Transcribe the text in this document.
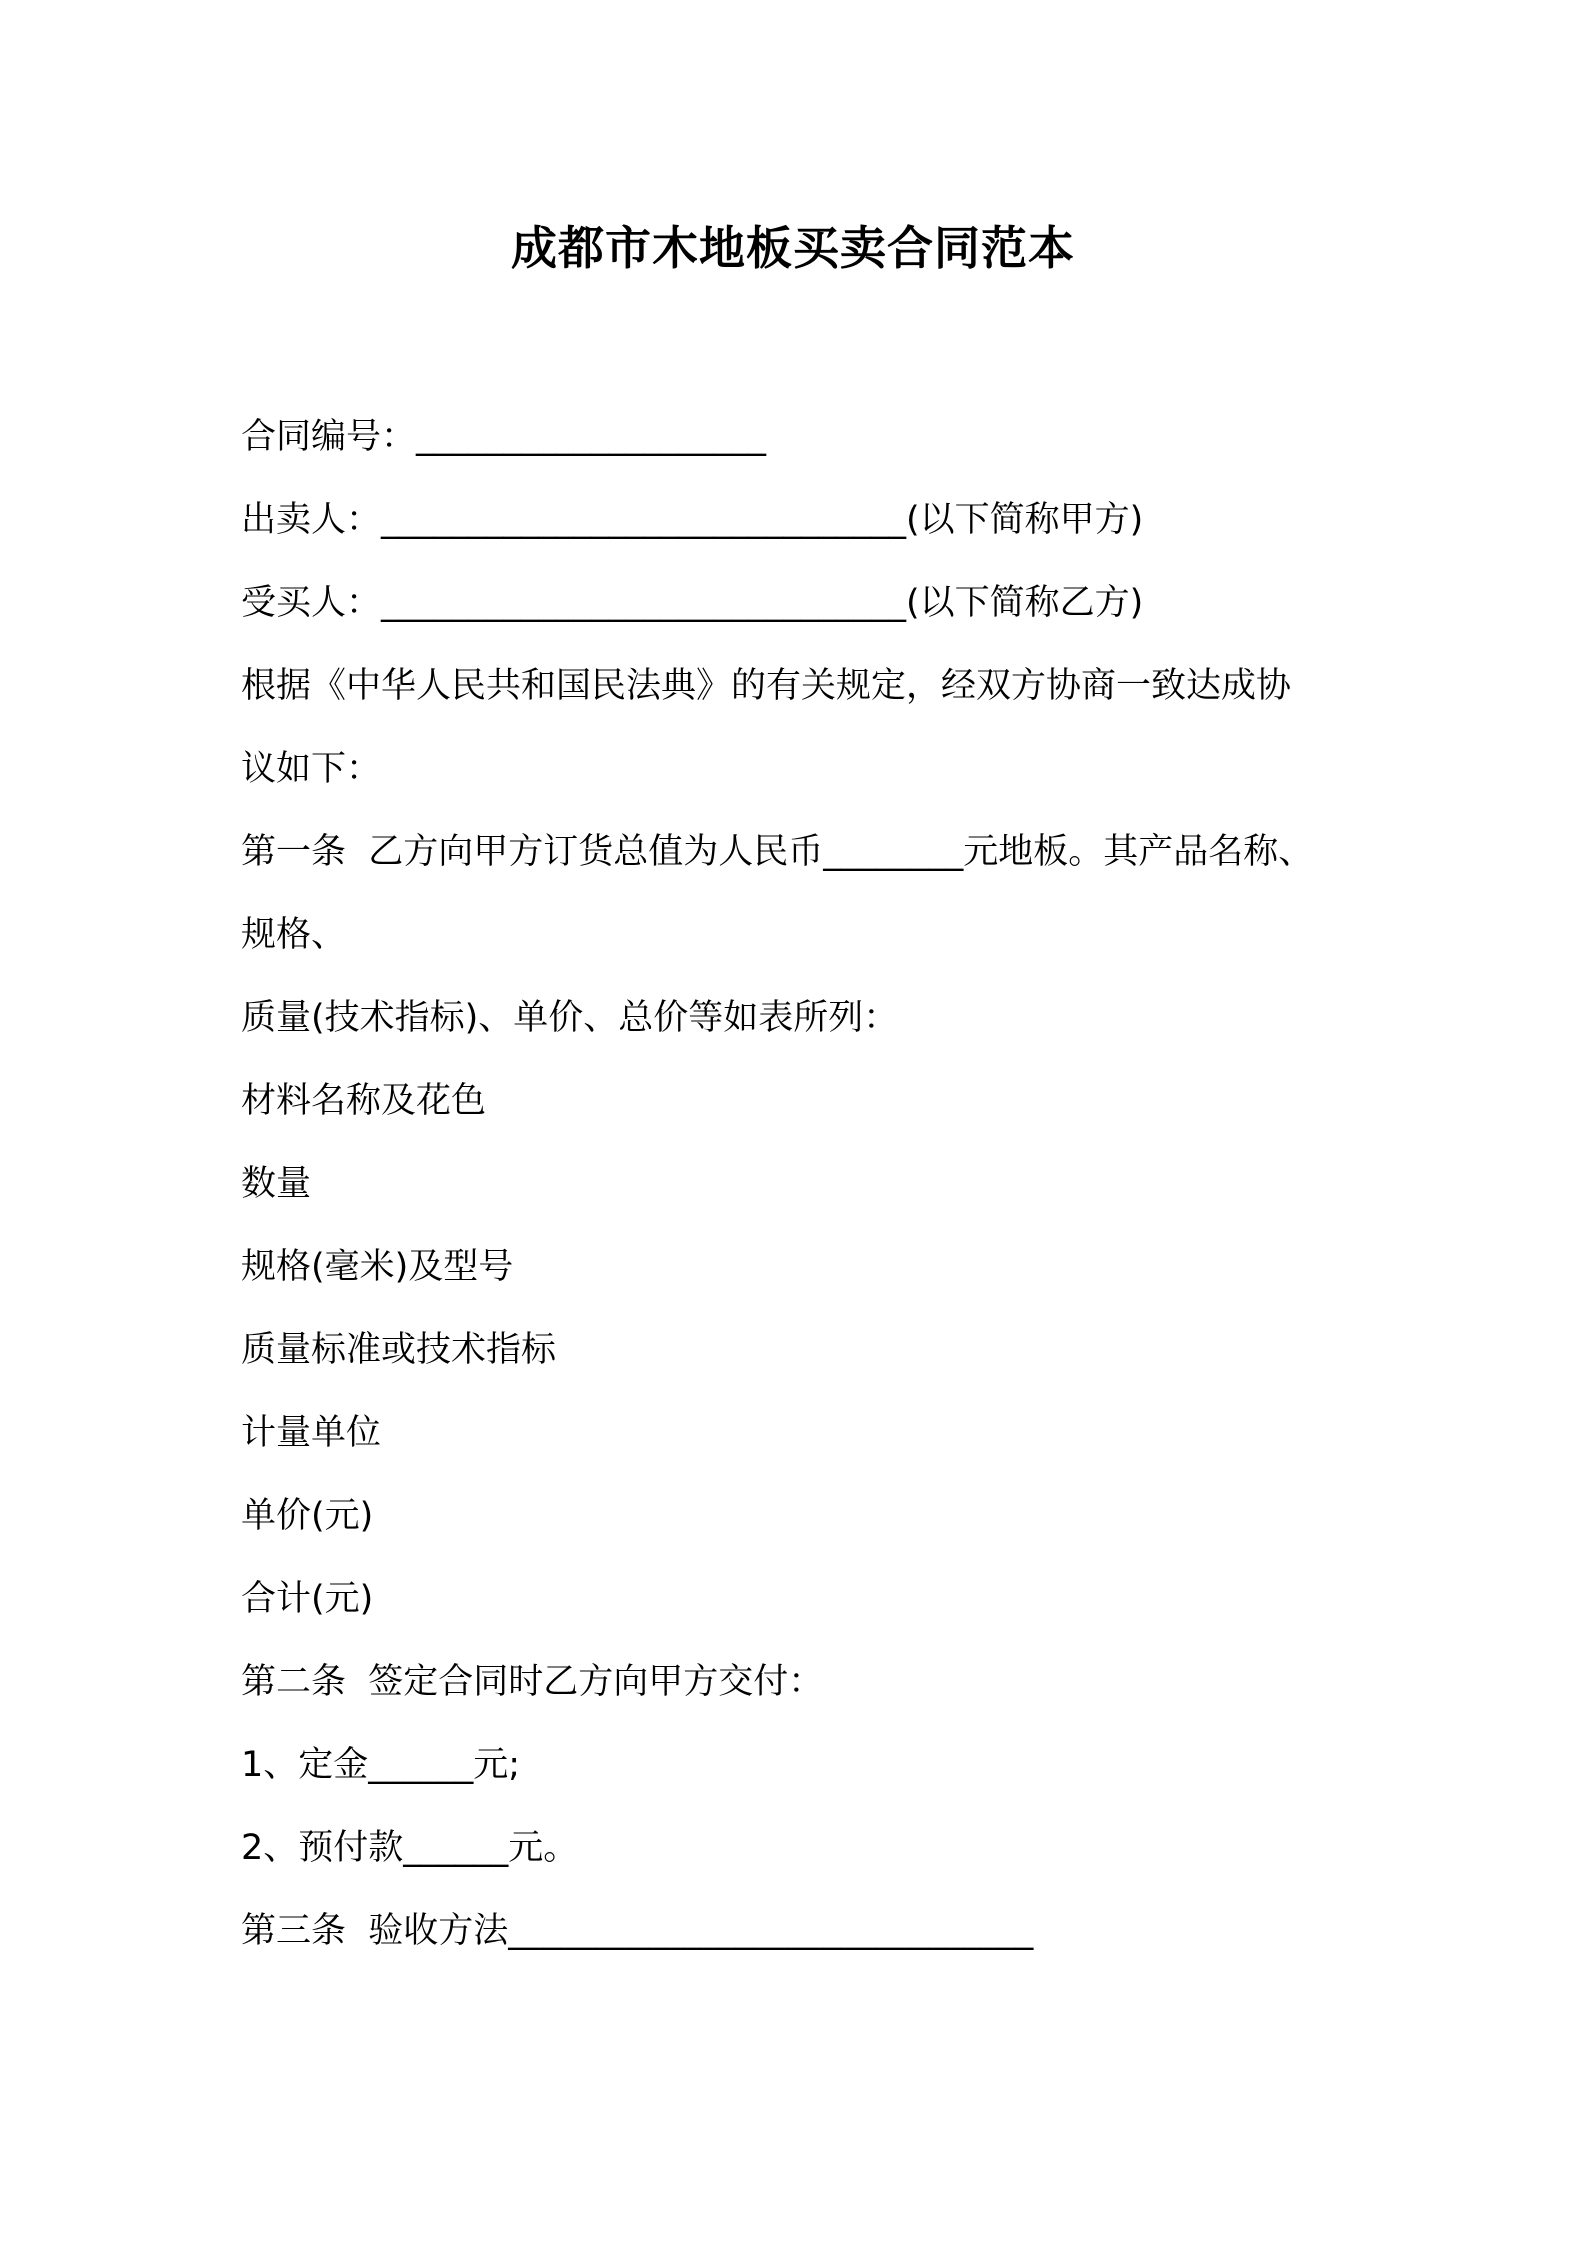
成都市木地板买卖合同范本
合同编号：____________________
出卖人：______________________________(以下简称甲方)
受买人：______________________________(以下简称乙方)
根据《中华人民共和国民法典》的有关规定，经双方协商一致达成协
议如下：
第一条  乙方向甲方订货总值为人民币________元地板。其产品名称、
规格、
质量(技术指标)、单价、总价等如表所列：
材料名称及花色
数量
规格(毫米)及型号
质量标准或技术指标
计量单位
单价(元)
合计(元)
第二条  签定合同时乙方向甲方交付：
1、定金______元;
2、预付款______元。
第三条  验收方法______________________________
